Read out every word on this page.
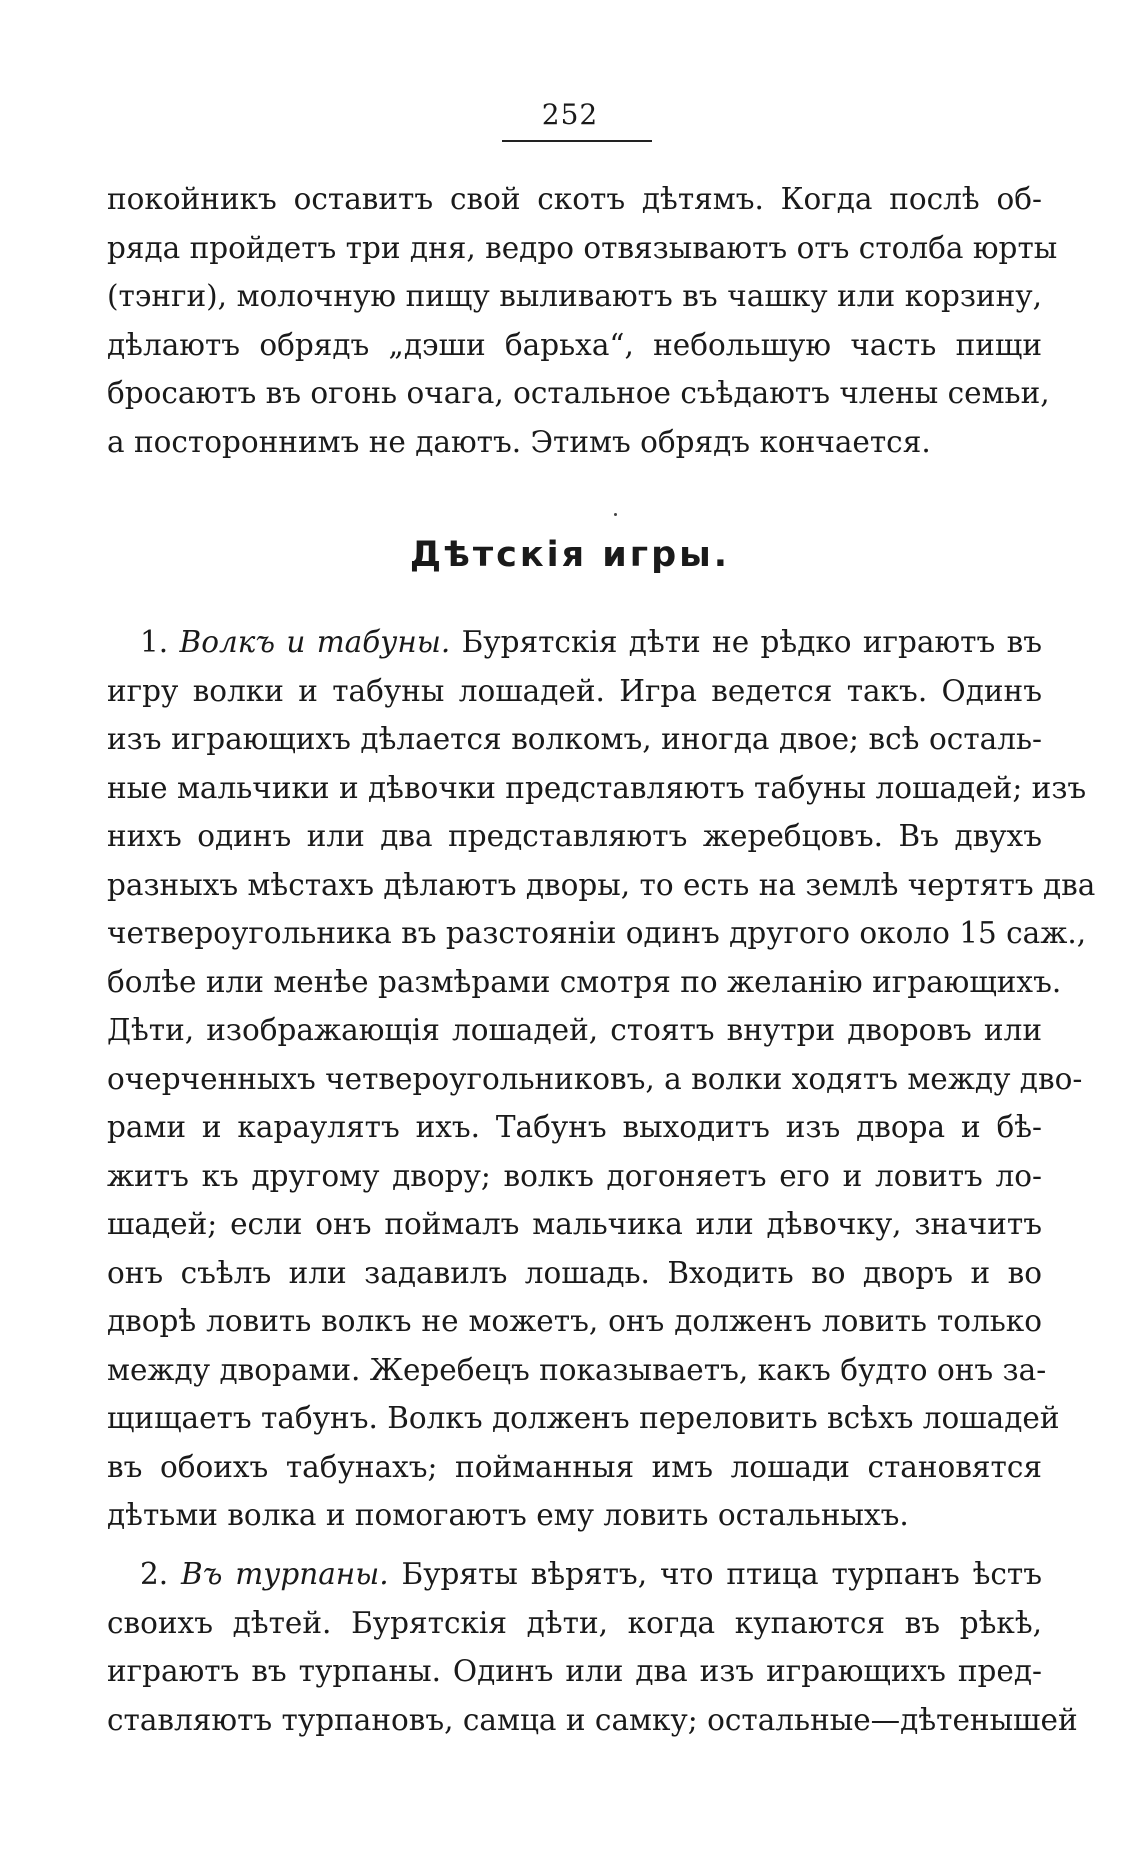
252
покойникъ оставитъ свой скотъ дѣтямъ. Когда послѣ об-
ряда пройдетъ три дня, ведро отвязываютъ отъ столба юрты
(тэнги), молочную пищу выливаютъ въ чашку или корзину,
дѣлаютъ обрядъ „дэши барьха“, небольшую часть пищи
бросаютъ въ огонь очага, остальное съѣдаютъ члены семьи,
а постороннимъ не даютъ. Этимъ обрядъ кончается.
Дѣтскія игры.
1. Волкъ и табуны. Бурятскія дѣти не рѣдко играютъ въ
игру волки и табуны лошадей. Игра ведется такъ. Одинъ
изъ играющихъ дѣлается волкомъ, иногда двое; всѣ осталь-
ные мальчики и дѣвочки представляютъ табуны лошадей; изъ
нихъ одинъ или два представляютъ жеребцовъ. Въ двухъ
разныхъ мѣстахъ дѣлаютъ дворы, то есть на землѣ чертятъ два
четвероугольника въ разстояніи одинъ другого около 15 саж.,
болѣе или менѣе размѣрами смотря по желанію играющихъ.
Дѣти, изображающія лошадей, стоятъ внутри дворовъ или
очерченныхъ четвероугольниковъ, а волки ходятъ между дво-
рами и караулятъ ихъ. Табунъ выходитъ изъ двора и бѣ-
житъ къ другому двору; волкъ догоняетъ его и ловитъ ло-
шадей; если онъ поймалъ мальчика или дѣвочку, значитъ
онъ съѣлъ или задавилъ лошадь. Входить во дворъ и во
дворѣ ловить волкъ не можетъ, онъ долженъ ловить только
между дворами. Жеребецъ показываетъ, какъ будто онъ за-
щищаетъ табунъ. Волкъ долженъ переловить всѣхъ лошадей
въ обоихъ табунахъ; пойманныя имъ лошади становятся
дѣтьми волка и помогаютъ ему ловить остальныхъ.
2. Въ турпаны. Буряты вѣрятъ, что птица турпанъ ѣстъ
своихъ дѣтей. Бурятскія дѣти, когда купаются въ рѣкѣ,
играютъ въ турпаны. Одинъ или два изъ играющихъ пред-
ставляютъ турпановъ, самца и самку; остальные—дѣтенышей
